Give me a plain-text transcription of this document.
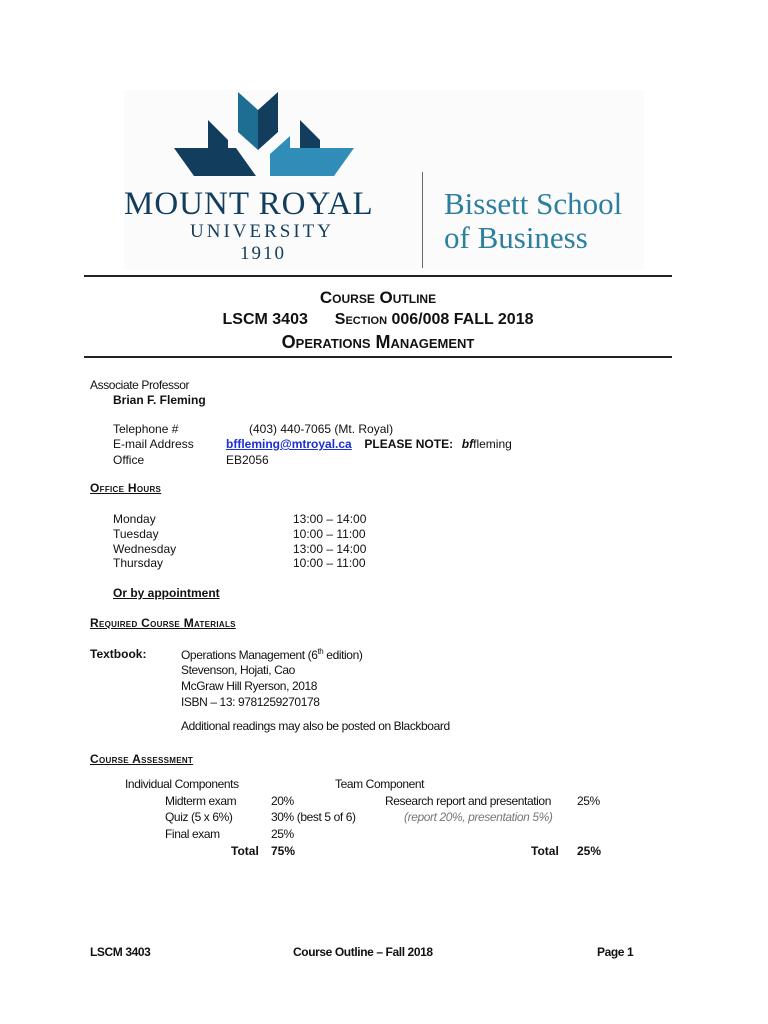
MOUNT ROYAL
UNIVERSITY
1910
Bissett School
of Business
Course Outline
LSCM 3403 Section 006/008 FALL 2018
Operations Management
Associate Professor
Brian F. Fleming
Telephone #	(403) 440-7065 (Mt. Royal)
E-mail Address	bffleming@mtroyal.ca PLEASE NOTE: bffleming
Office	EB2056
Office Hours
Monday	13:00 – 14:00
Tuesday	10:00 – 11:00
Wednesday	13:00 – 14:00
Thursday	10:00 – 11:00
Or by appointment
Required Course Materials
Textbook:	Operations Management (6th edition)
Stevenson, Hojati, Cao
McGraw Hill Ryerson, 2018
ISBN – 13: 9781259270178
Additional readings may also be posted on Blackboard
Course Assessment
Individual Components	Team Component
Midterm exam	20%	Research report and presentation 25%
Quiz (5 x 6%)	30% (best 5 of 6)	(report 20%, presentation 5%)
Final exam	25%
Total 75%	Total 25%
LSCM 3403	Course Outline – Fall 2018	Page 1
